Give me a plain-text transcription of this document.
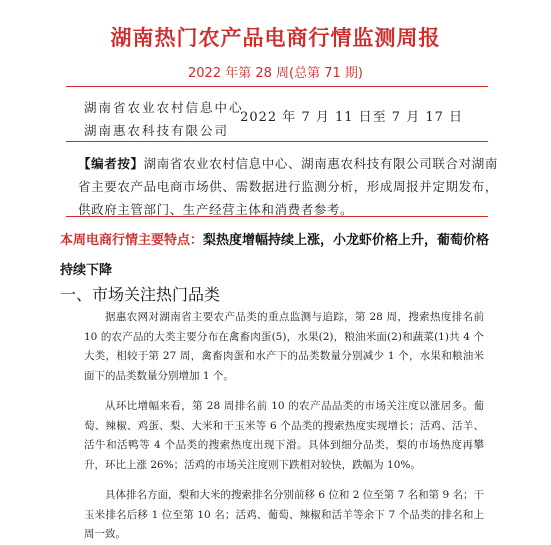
湖南热门农产品电商行情监测周报
2022 年第 28 周(总第 71 期)
湖南省农业农村信息中心
湖南惠农科技有限公司
2022 年 7 月 11 日至 7 月 17 日
【编者按】湖南省农业农村信息中心、湖南惠农科技有限公司联合对湖南省主要农产品电商市场供、需数据进行监测分析，形成周报并定期发布，供政府主管部门、生产经营主体和消费者参考。
本周电商行情主要特点：梨热度增幅持续上涨，小龙虾价格上升，葡萄价格持续下降
一、市场关注热门品类
据惠农网对湖南省主要农产品类的重点监测与追踪，第 28 周，搜索热度排名前 10 的农产品的大类主要分布在禽畜肉蛋(5)，水果(2)，粮油米面(2)和蔬菜(1)共 4 个大类，相较于第 27 周，禽畜肉蛋和水产下的品类数量分别减少 1 个，水果和粮油米面下的品类数量分别增加 1 个。
从环比增幅来看，第 28 周排名前 10 的农产品品类的市场关注度以涨居多。葡萄、辣椒、鸡蛋、梨、大米和干玉米等 6 个品类的搜索热度实现增长；活鸡、活羊、活牛和活鸭等 4 个品类的搜索热度出现下滑。具体到细分品类，梨的市场热度再攀升，环比上涨 26%；活鸡的市场关注度则下跌相对较快，跌幅为 10%。
具体排名方面，梨和大米的搜索排名分别前移 6 位和 2 位至第 7 名和第 9 名；干玉米排名后移 1 位至第 10 名；活鸡、葡萄、辣椒和活羊等余下 7 个品类的排名和上周一致。
